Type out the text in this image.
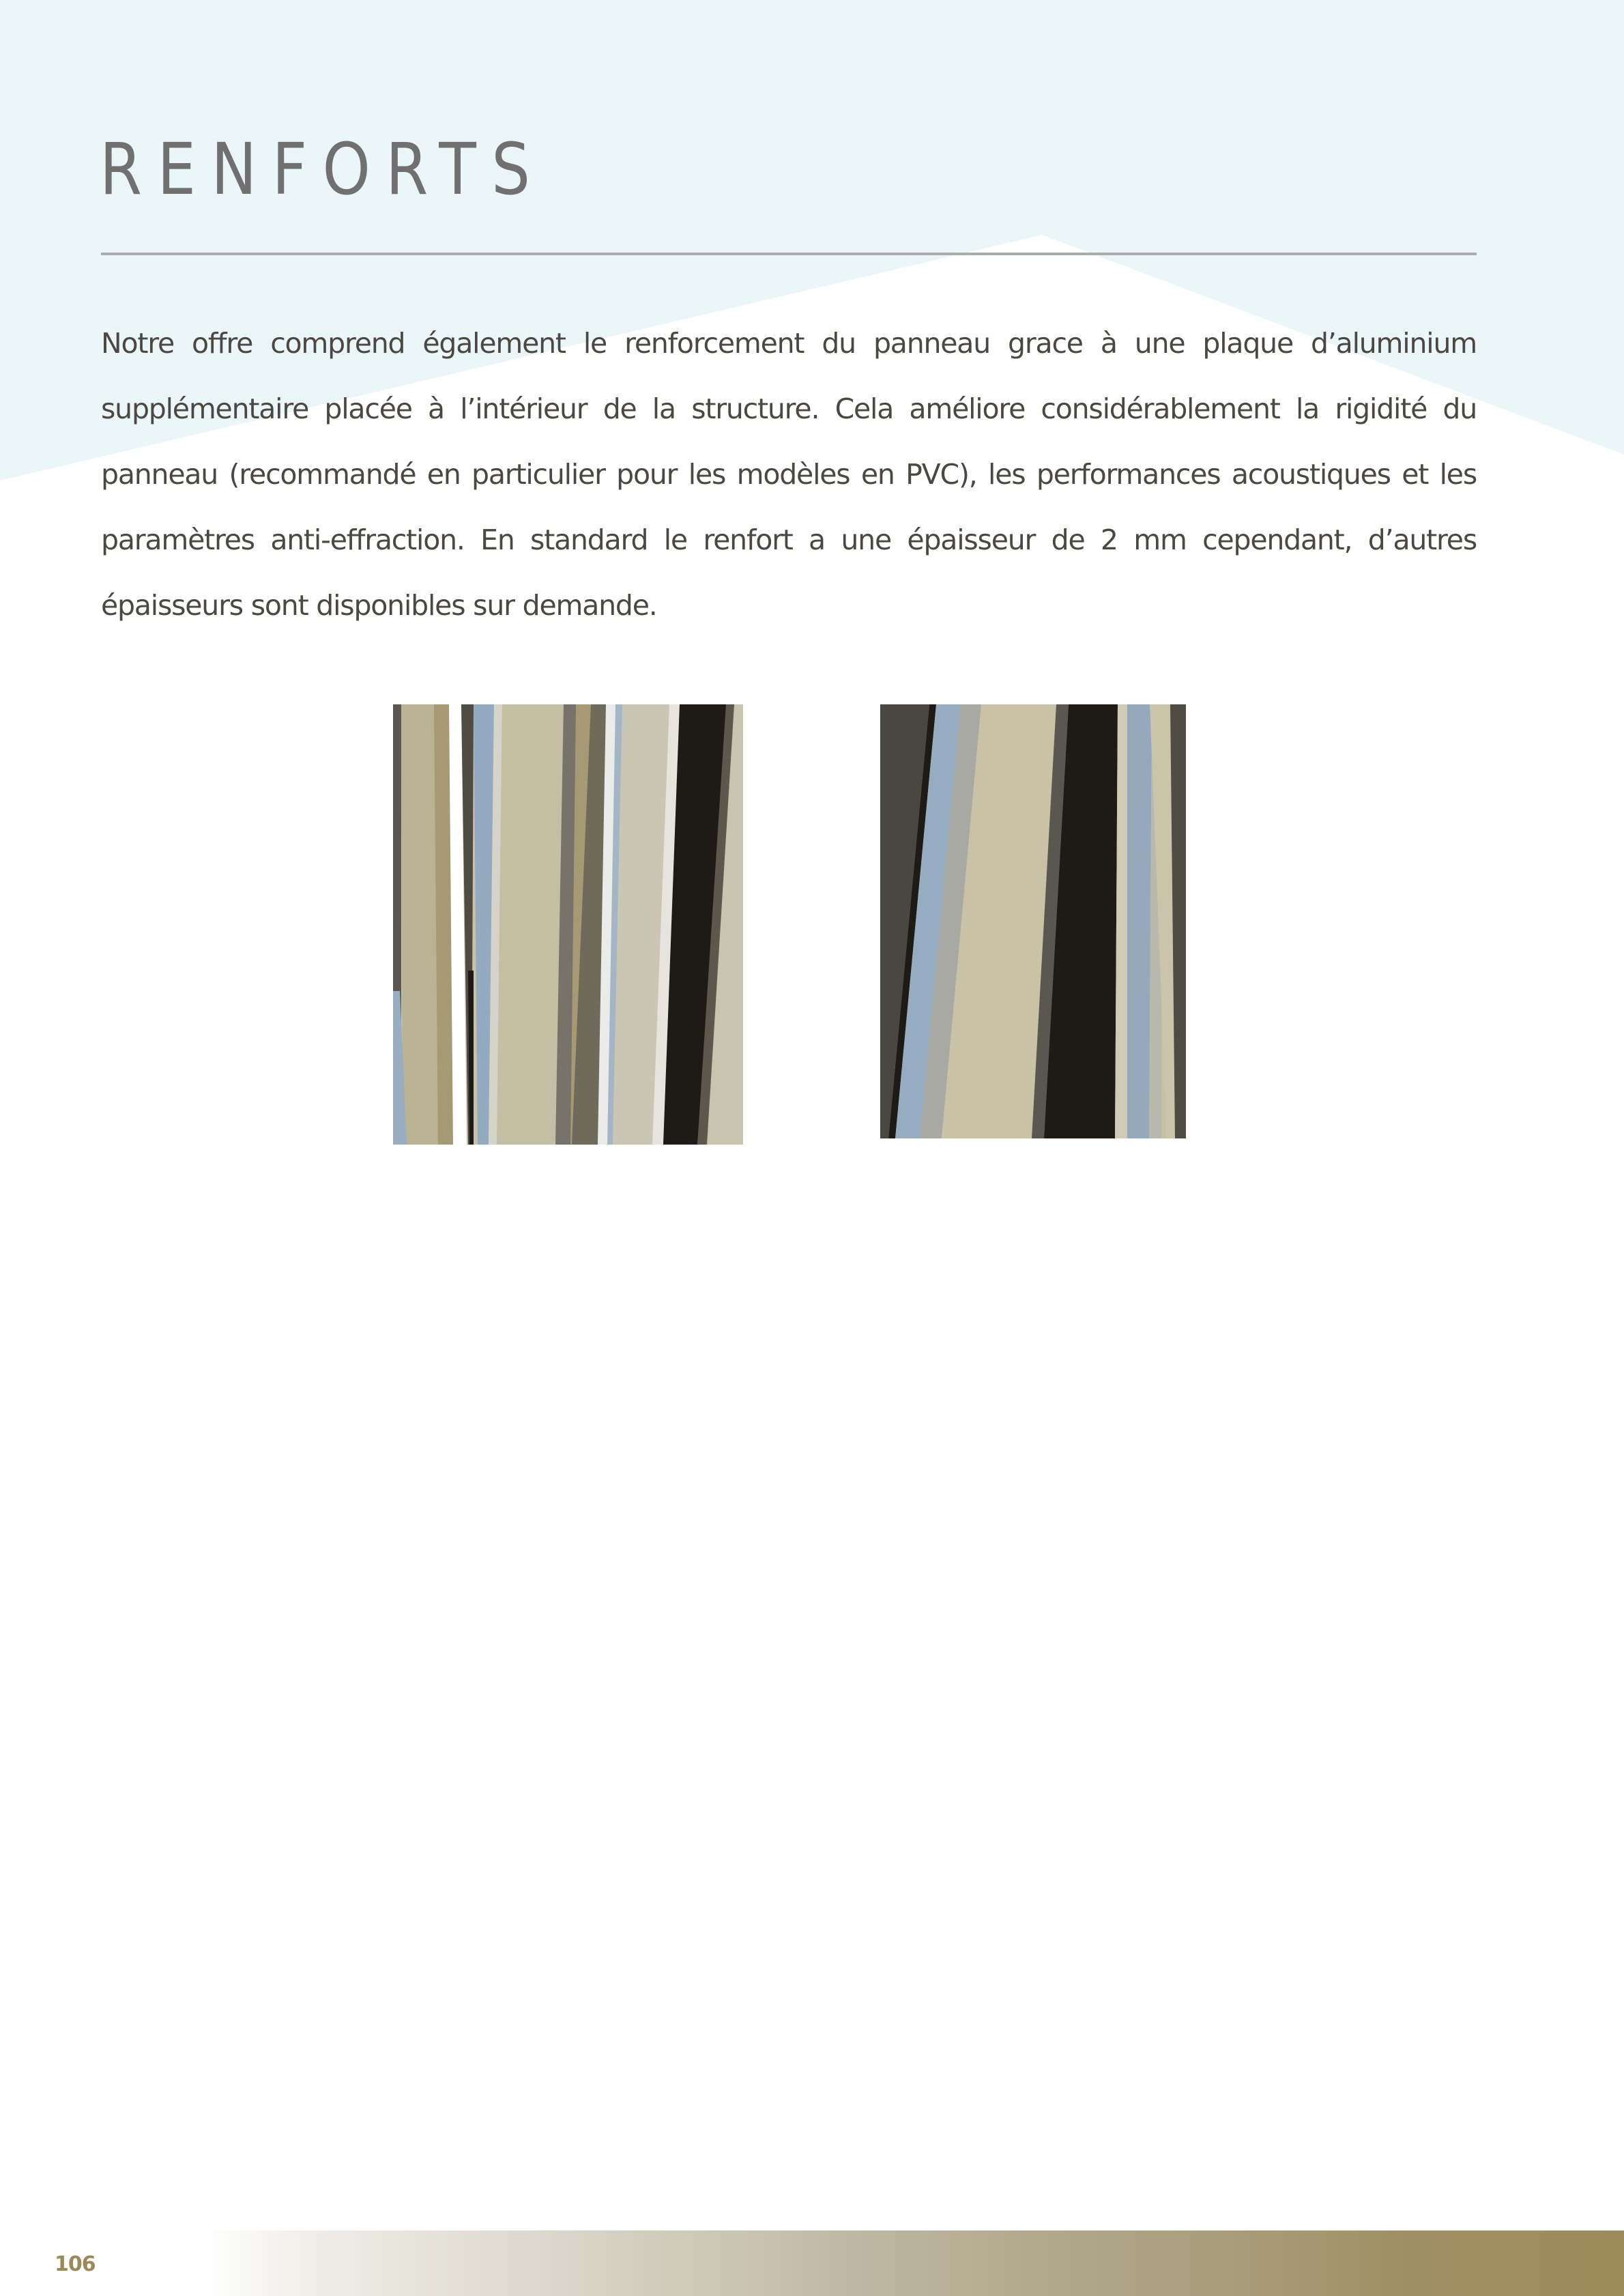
RENFORTS

Notre offre comprend également le renforcement du panneau grace à une plaque d’aluminium supplémentaire placée à l’intérieur de la structure. Cela améliore considérablement la rigidité du panneau (recommandé en particulier pour les modèles en PVC), les performances acoustiques et les paramètres anti-effraction. En standard le renfort a une épaisseur de 2 mm cependant, d’autres épaisseurs sont disponibles sur demande.

106
